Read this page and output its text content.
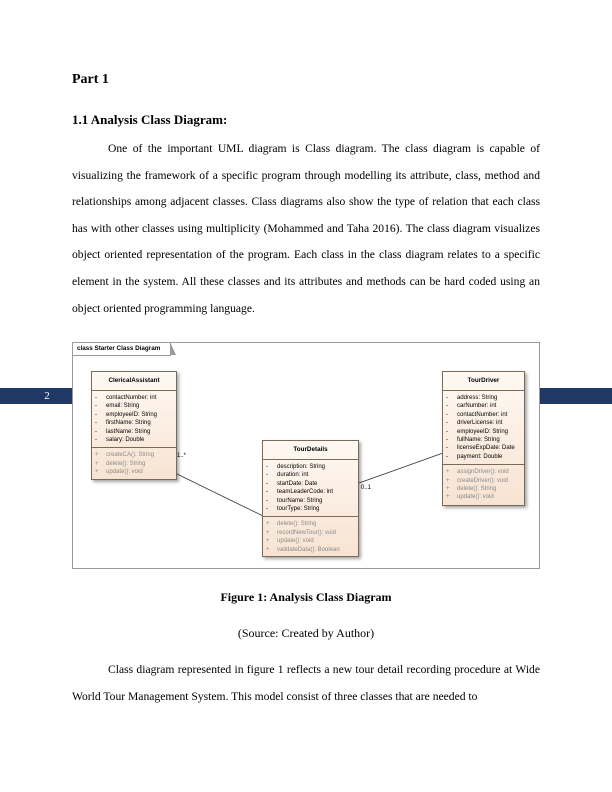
Part 1
1.1 Analysis Class Diagram:

One of the important UML diagram is Class diagram. The class diagram is capable of visualizing the framework of a specific program through modelling its attribute, class, method and relationships among adjacent classes. Class diagrams also show the type of relation that each class has with other classes using multiplicity (Mohammed and Taha 2016). The class diagram visualizes object oriented representation of the program. Each class in the class diagram relates to a specific element in the system. All these classes and its attributes and methods can be hard coded using an object oriented programming language.

2
class Starter Class Diagram
1..*
0..1
ClericalAssistant
- contactNumber: int
- email: String
- employeeID: String
- firstName: String
- lastName: String
- salary: Double
+ createCA(): String
+ delete(): String
+ update(): void
TourDetails
- description: String
- duration: int
- startDate: Date
- teamLeaderCode: int
- tourName: String
- tourType: String
+ delete(): String
+ recordNewTour(): void
+ update(): void
+ validateData(): Boolean
TourDriver
- address: String
- carNumber: int
- contactNumber: int
- driverLicense: int
- employeeID: String
- fullName: String
- licenseExpDate: Date
- payment: Double
+ assignDriver(): void
+ createDriver(): void
+ delete(): String
+ update(): void
Figure 1: Analysis Class Diagram
(Source: Created by Author)

Class diagram represented in figure 1 reflects a new tour detail recording procedure at Wide World Tour Management System. This model consist of three classes that are needed to
